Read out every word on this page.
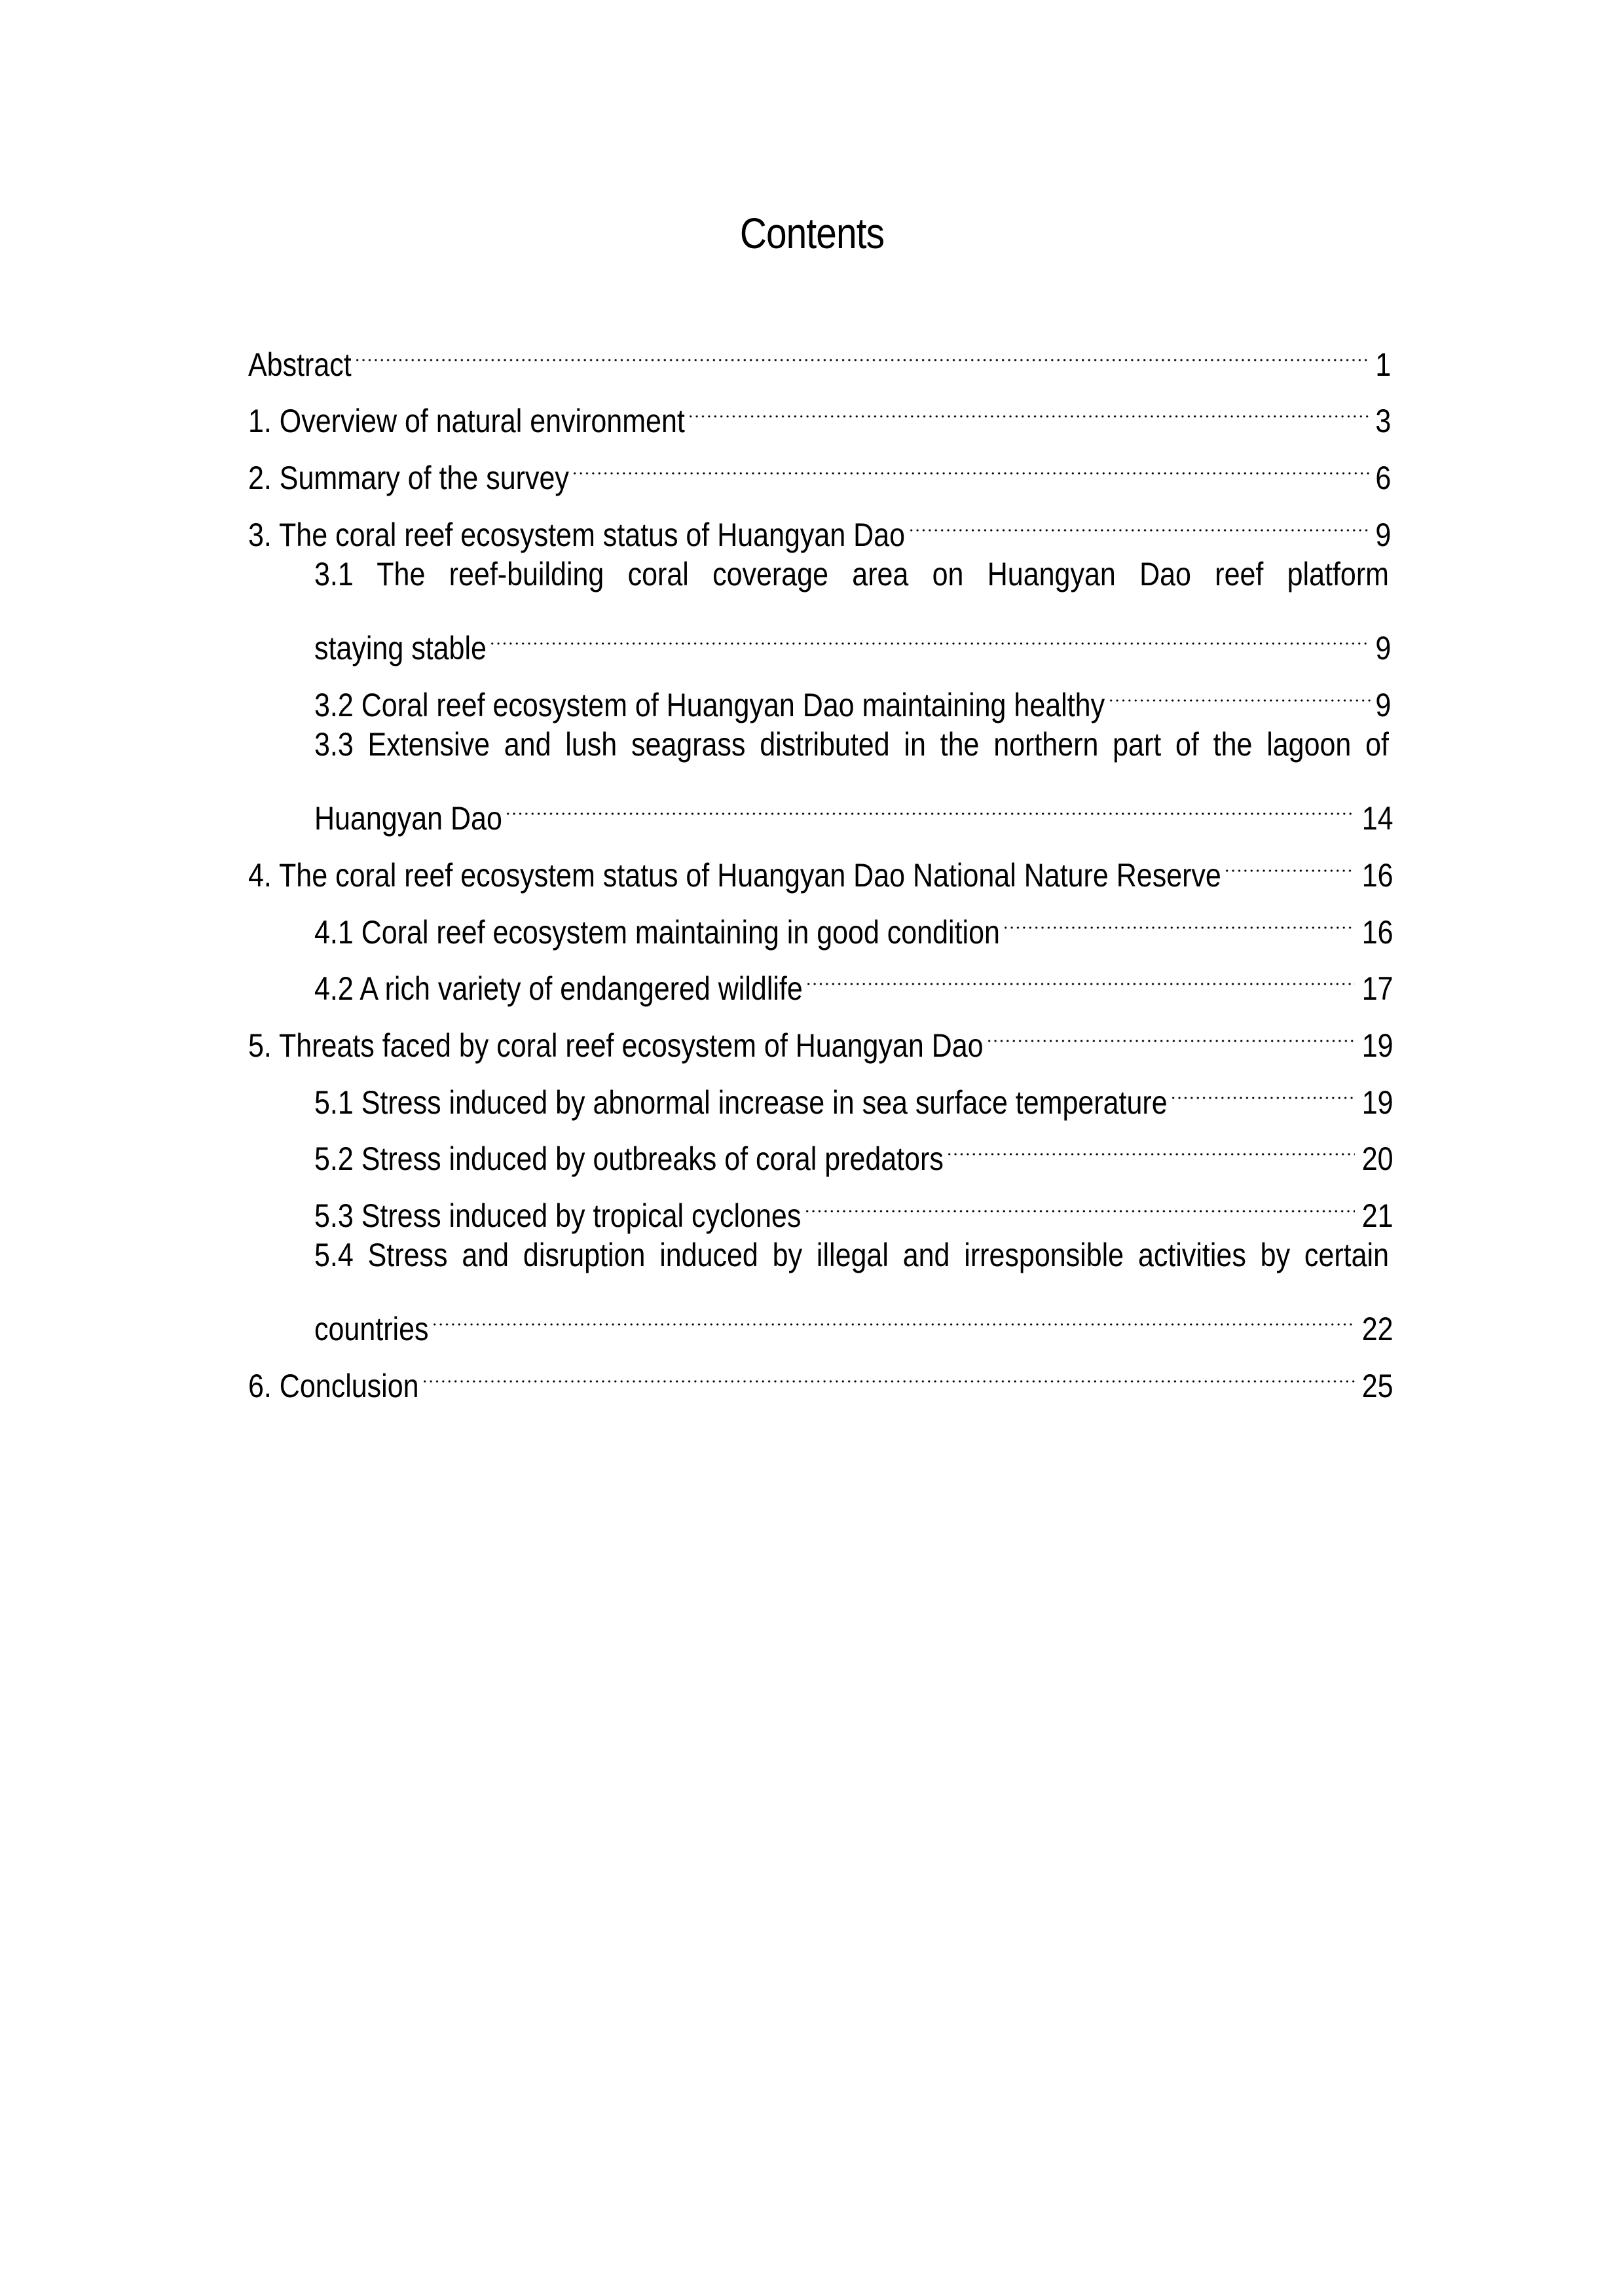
Contents
Abstract	1
1. Overview of natural environment	3
2. Summary of the survey	6
3. The coral reef ecosystem status of Huangyan Dao	9
3.1 The reef-building coral coverage area on Huangyan Dao reef platform
staying stable	9
3.2 Coral reef ecosystem of Huangyan Dao maintaining healthy	9
3.3 Extensive and lush seagrass distributed in the northern part of the lagoon of
Huangyan Dao	14
4. The coral reef ecosystem status of Huangyan Dao National Nature Reserve	16
4.1 Coral reef ecosystem maintaining in good condition	16
4.2 A rich variety of endangered wildlife	17
5. Threats faced by coral reef ecosystem of Huangyan Dao	19
5.1 Stress induced by abnormal increase in sea surface temperature	19
5.2 Stress induced by outbreaks of coral predators	20
5.3 Stress induced by tropical cyclones	21
5.4 Stress and disruption induced by illegal and irresponsible activities by certain
countries	22
6. Conclusion	25
